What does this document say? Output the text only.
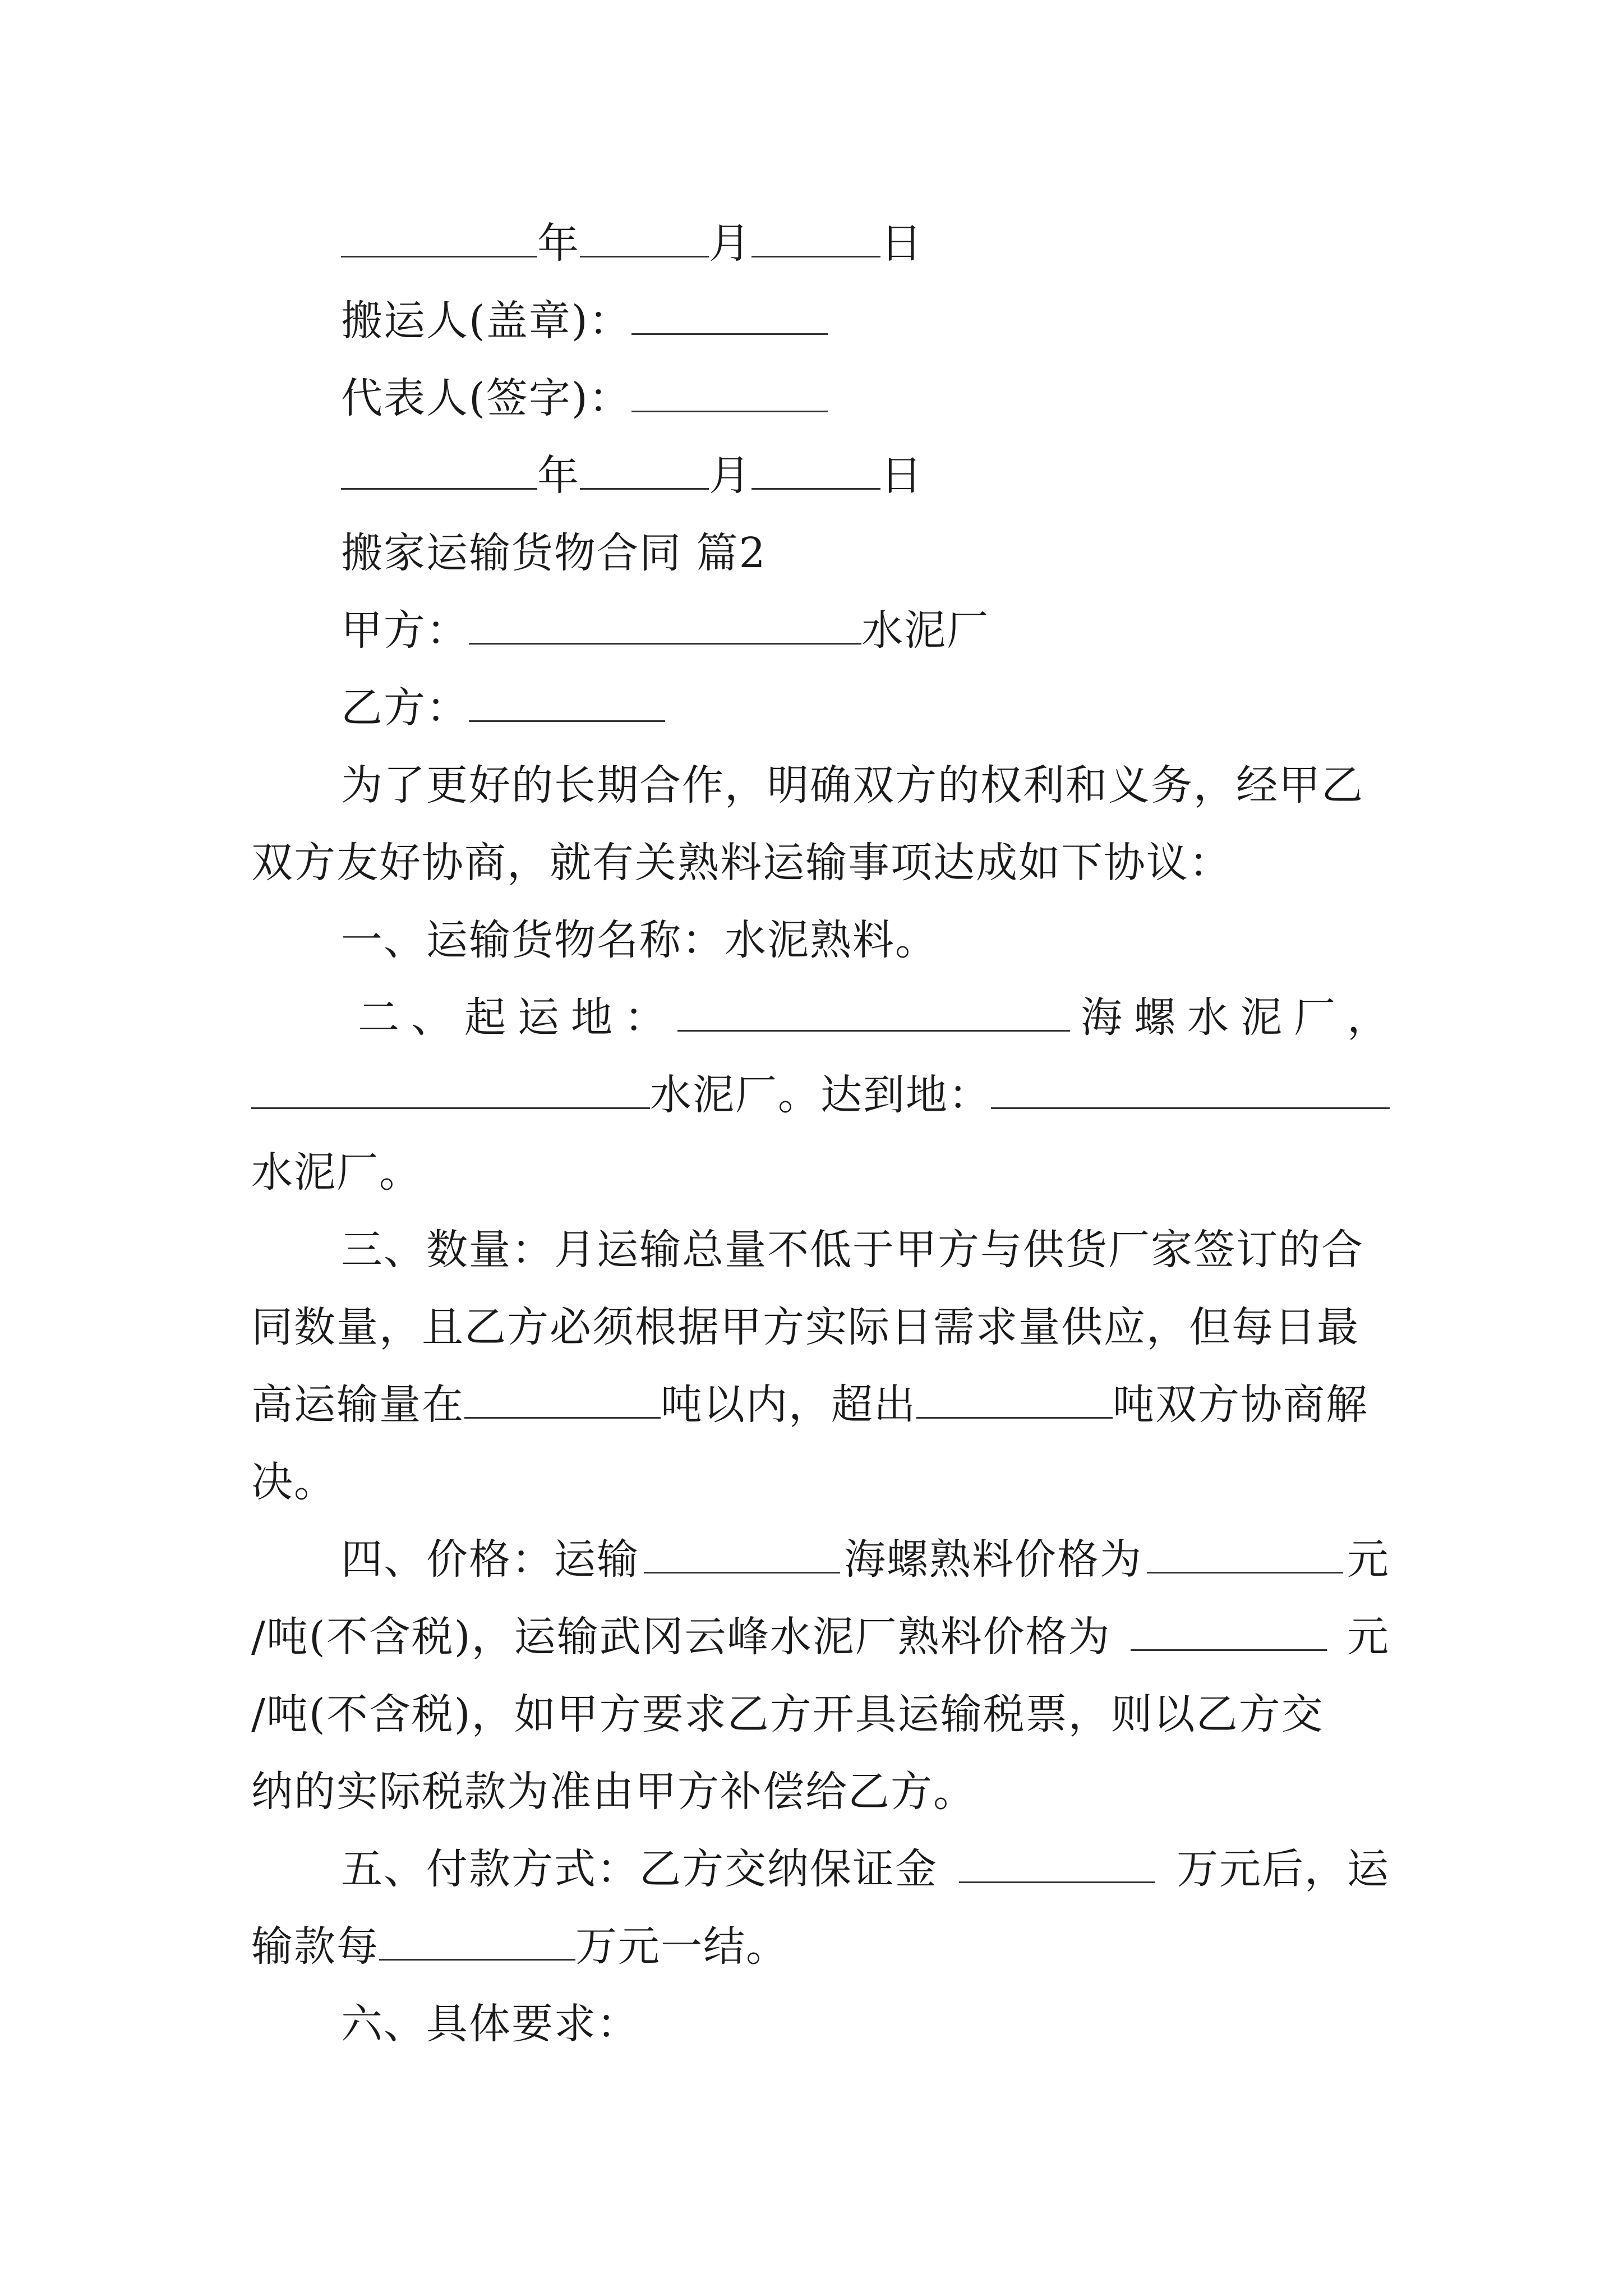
年	月	日
搬运人(盖章)：
代表人(签字)：
年	月	日
搬家运输货物合同 篇2
甲方：	水泥厂
乙方：
为了更好的长期合作，明确双方的权利和义务，经甲乙
双方友好协商，就有关熟料运输事项达成如下协议：
一、运输货物名称：水泥熟料。
二 、 起 运 地 ：	海 螺 水 泥 厂 ，
水泥厂。达到地：
水泥厂。
三、数量：月运输总量不低于甲方与供货厂家签订的合
同数量，且乙方必须根据甲方实际日需求量供应，但每日最
高运输量在	吨以内，超出	吨双方协商解
决。
四、价格：运输	海螺熟料价格为	元
/吨(不含税)，运输武冈云峰水泥厂熟料价格为	元
/吨(不含税)，如甲方要求乙方开具运输税票，则以乙方交
纳的实际税款为准由甲方补偿给乙方。
五、付款方式：乙方交纳保证金	万元后，运
输款每	万元一结。
六、具体要求：
